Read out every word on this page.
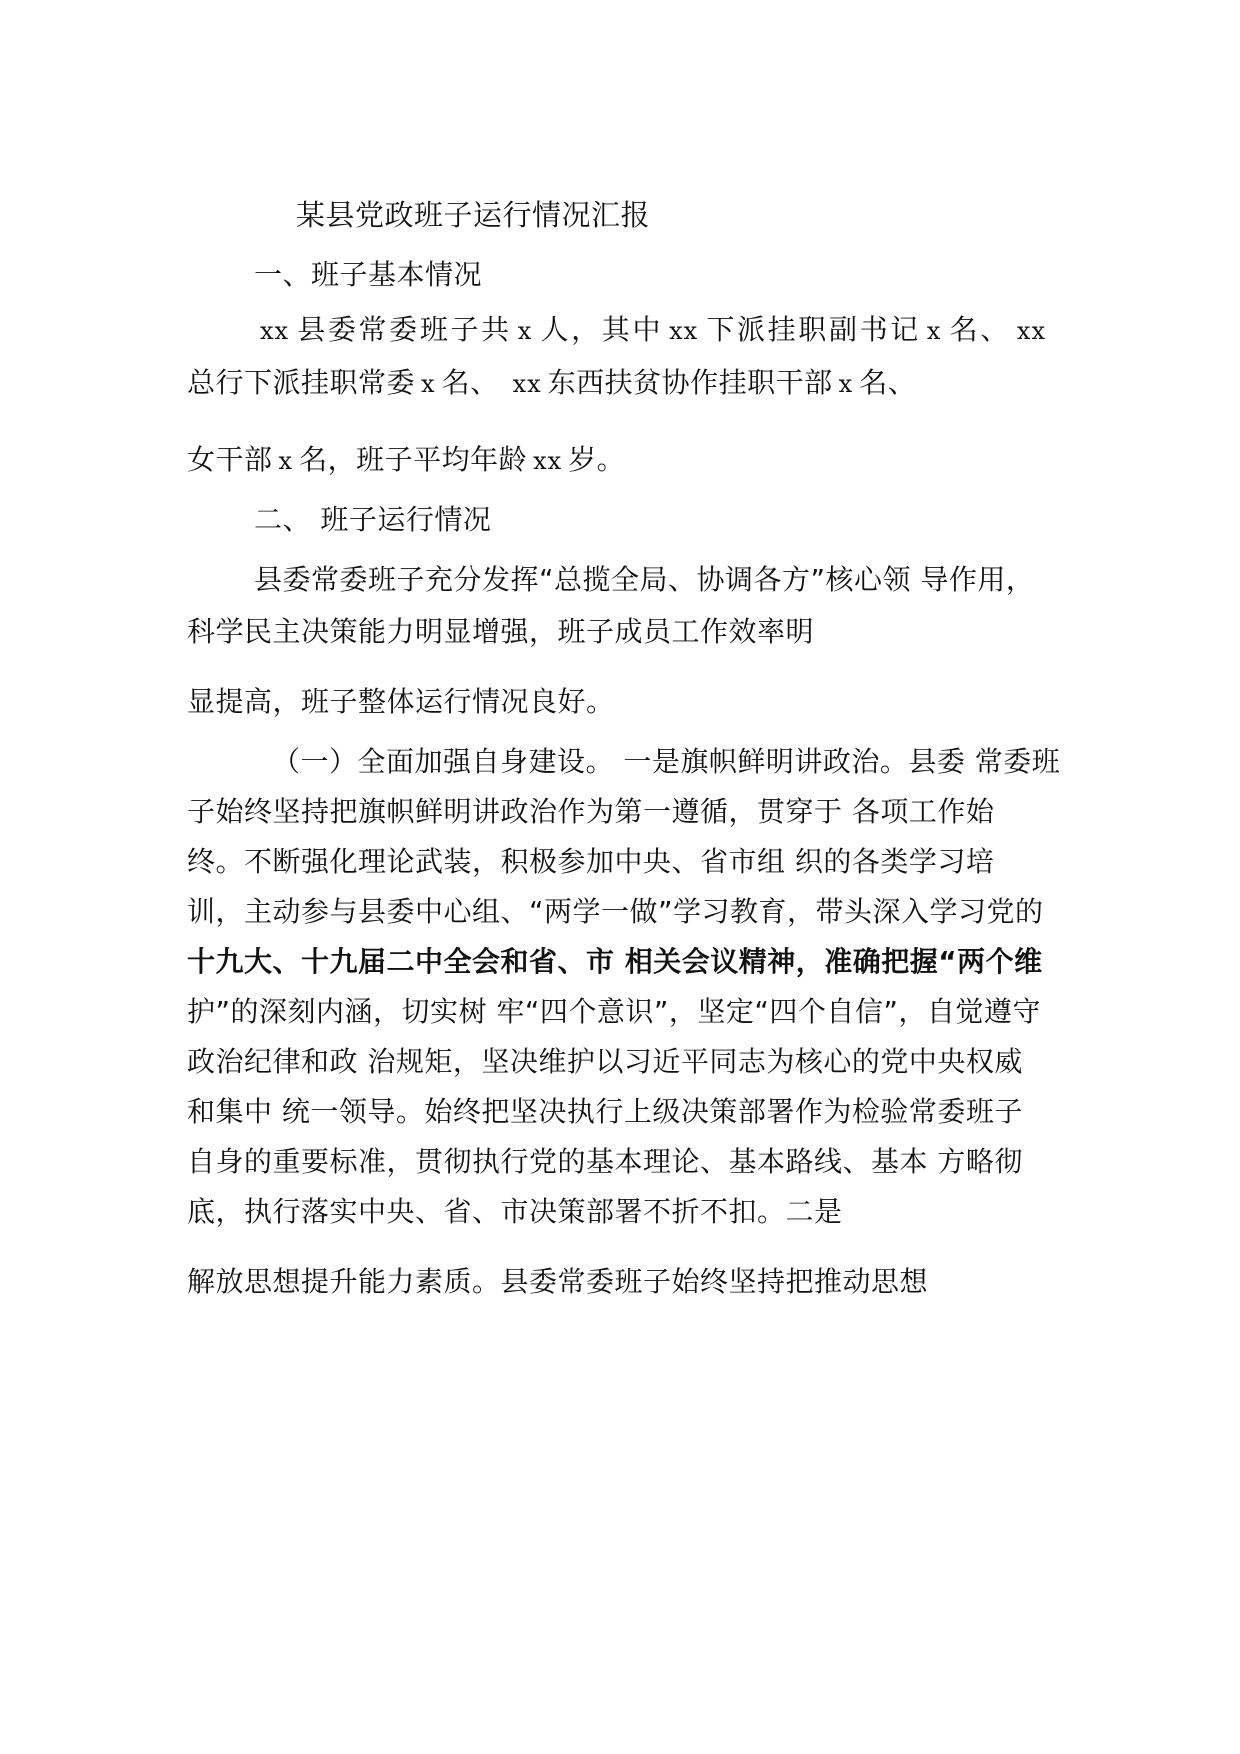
某县党政班子运行情况汇报
一、班子基本情况
xx 县委常委班子共 x 人，其中 xx 下派挂职副书记 x 名、 xx
总行下派挂职常委 x 名、 xx 东西扶贫协作挂职干部 x 名、
女干部 x 名，班子平均年龄 xx 岁。
二、 班子运行情况
县委常委班子充分发挥“总揽全局、协调各方”核心领 导作用，
科学民主决策能力明显增强，班子成员工作效率明
显提高，班子整体运行情况良好。
（一）全面加强自身建设。 一是旗帜鲜明讲政治。县委 常委班
子始终坚持把旗帜鲜明讲政治作为第一遵循，贯穿于 各项工作始
终。不断强化理论武装，积极参加中央、省市组 织的各类学习培
训，主动参与县委中心组、“两学一做”学习教育，带头深入学习党的
十九大、十九届二中全会和省、市 相关会议精神，准确把握“两个维
护”的深刻内涵，切实树 牢“四个意识”，坚定“四个自信”，自觉遵守
政治纪律和政 治规矩，坚决维护以习近平同志为核心的党中央权威
和集中 统一领导。始终把坚决执行上级决策部署作为检验常委班子
自身的重要标准，贯彻执行党的基本理论、基本路线、基本 方略彻
底，执行落实中央、省、市决策部署不折不扣。二是
解放思想提升能力素质。县委常委班子始终坚持把推动思想
